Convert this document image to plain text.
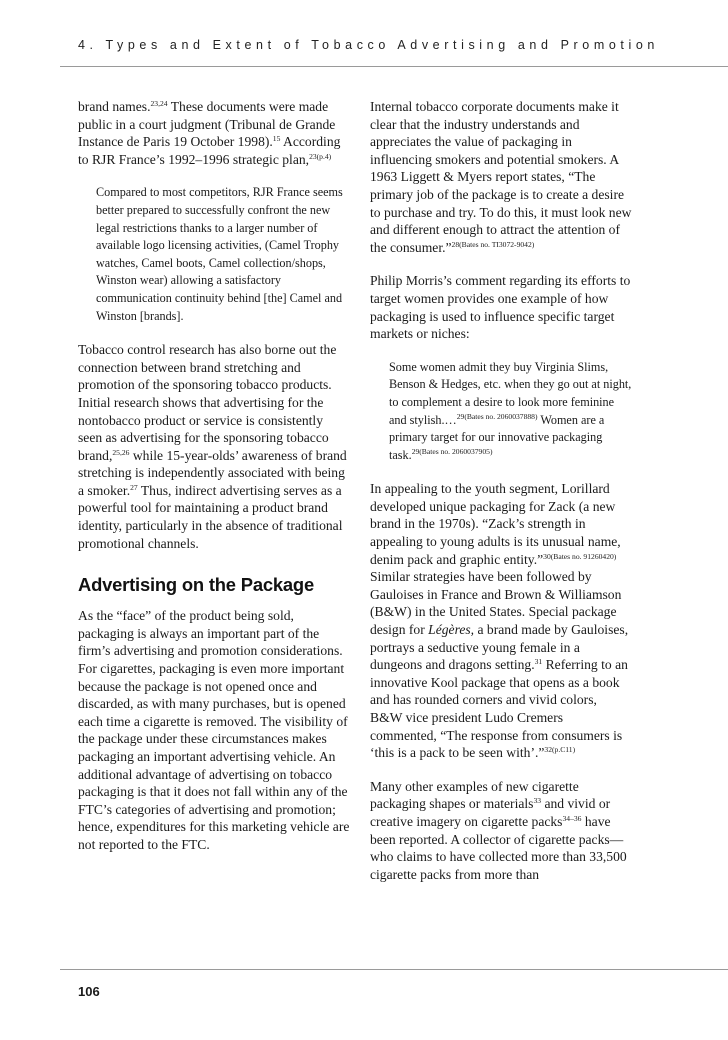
4. Types and Extent of Tobacco Advertising and Promotion

brand names.$^{23,24}$ These documents were made public in a court judgment (Tribunal de Grande Instance de Paris 19 October 1998).$^{15}$ According to RJR France’s 1992–1996 strategic plan,$^{23(p.4)}$

Compared to most competitors, RJR France seems better prepared to successfully confront the new legal restrictions thanks to a larger number of available logo licensing activities, (Camel Trophy watches, Camel boots, Camel collection/shops, Winston wear) allowing a satisfactory communication continuity behind [the] Camel and Winston [brands].

Tobacco control research has also borne out the connection between brand stretching and promotion of the sponsoring tobacco products. Initial research shows that advertising for the nontobacco product or service is consistently seen as advertising for the sponsoring tobacco brand,$^{25,26}$ while 15-year-olds’ awareness of brand stretching is independently associated with being a smoker.$^{27}$ Thus, indirect advertising serves as a powerful tool for maintaining a product brand identity, particularly in the absence of traditional promotional channels.

Advertising on the Package

As the “face” of the product being sold, packaging is always an important part of the firm’s advertising and promotion considerations. For cigarettes, packaging is even more important because the package is not opened once and discarded, as with many purchases, but is opened each time a cigarette is removed. The visibility of the package under these circumstances makes packaging an important advertising vehicle. An additional advantage of advertising on tobacco packaging is that it does not fall within any of the FTC’s categories of advertising and promotion; hence, expenditures for this marketing vehicle are not reported to the FTC.

Internal tobacco corporate documents make it clear that the industry understands and appreciates the value of packaging in influencing smokers and potential smokers. A 1963 Liggett & Myers report states, “The primary job of the package is to create a desire to purchase and try. To do this, it must look new and different enough to attract the attention of the consumer.”$^{28(Bates no. TI3072-9042)}$

Philip Morris’s comment regarding its efforts to target women provides one example of how packaging is used to influence specific target markets or niches:

Some women admit they buy Virginia Slims, Benson & Hedges, etc. when they go out at night, to complement a desire to look more feminine and stylish.…$^{29(Bates no. 2060037888)}$ Women are a primary target for our innovative packaging task.$^{29(Bates no. 2060037905)}$

In appealing to the youth segment, Lorillard developed unique packaging for Zack (a new brand in the 1970s). “Zack’s strength in appealing to young adults is its unusual name, denim pack and graphic entity.”$^{30(Bates no. 91260420)}$ Similar strategies have been followed by Gauloises in France and Brown & Williamson (B&W) in the United States. Special package design for Légères, a brand made by Gauloises, portrays a seductive young female in a dungeons and dragons setting.$^{31}$ Referring to an innovative Kool package that opens as a book and has rounded corners and vivid colors, B&W vice president Ludo Cremers commented, “The response from consumers is ‘this is a pack to be seen with’.”$^{32(p.C11)}$

Many other examples of new cigarette packaging shapes or materials$^{33}$ and vivid or creative imagery on cigarette packs$^{34-36}$ have been reported. A collector of cigarette packs—who claims to have collected more than 33,500 cigarette packs from more than

106
